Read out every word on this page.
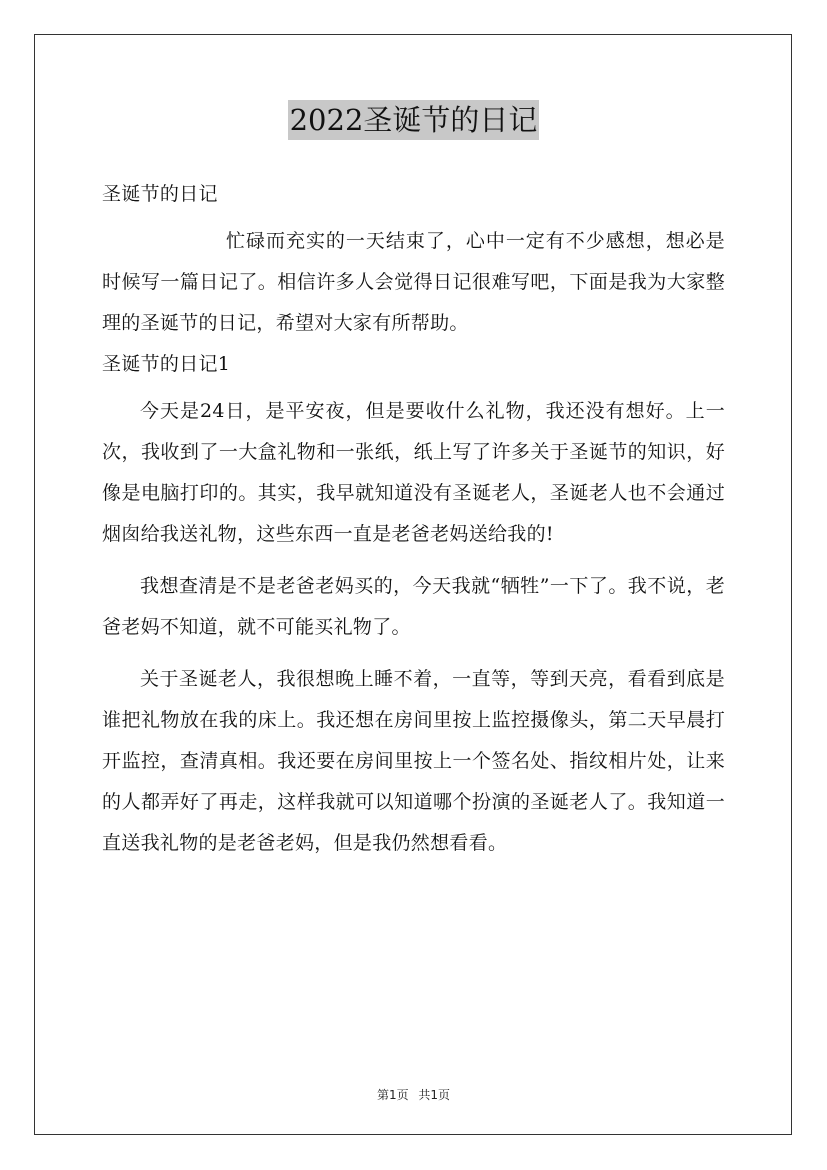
2022圣诞节的日记

圣诞节的日记

忙碌而充实的一天结束了，心中一定有不少感想，想必是时候写一篇日记了。相信许多人会觉得日记很难写吧，下面是我为大家整理的圣诞节的日记，希望对大家有所帮助。

圣诞节的日记1

今天是24日，是平安夜，但是要收什么礼物，我还没有想好。上一次，我收到了一大盒礼物和一张纸，纸上写了许多关于圣诞节的知识，好像是电脑打印的。其实，我早就知道没有圣诞老人，圣诞老人也不会通过烟囱给我送礼物，这些东西一直是老爸老妈送给我的!

我想查清是不是老爸老妈买的，今天我就“牺牲”一下了。我不说，老爸老妈不知道，就不可能买礼物了。

关于圣诞老人，我很想晚上睡不着，一直等，等到天亮，看看到底是谁把礼物放在我的床上。我还想在房间里按上监控摄像头，第二天早晨打开监控，查清真相。我还要在房间里按上一个签名处、指纹相片处，让来的人都弄好了再走，这样我就可以知道哪个扮演的圣诞老人了。我知道一直送我礼物的是老爸老妈，但是我仍然想看看。

第1页 共1页
